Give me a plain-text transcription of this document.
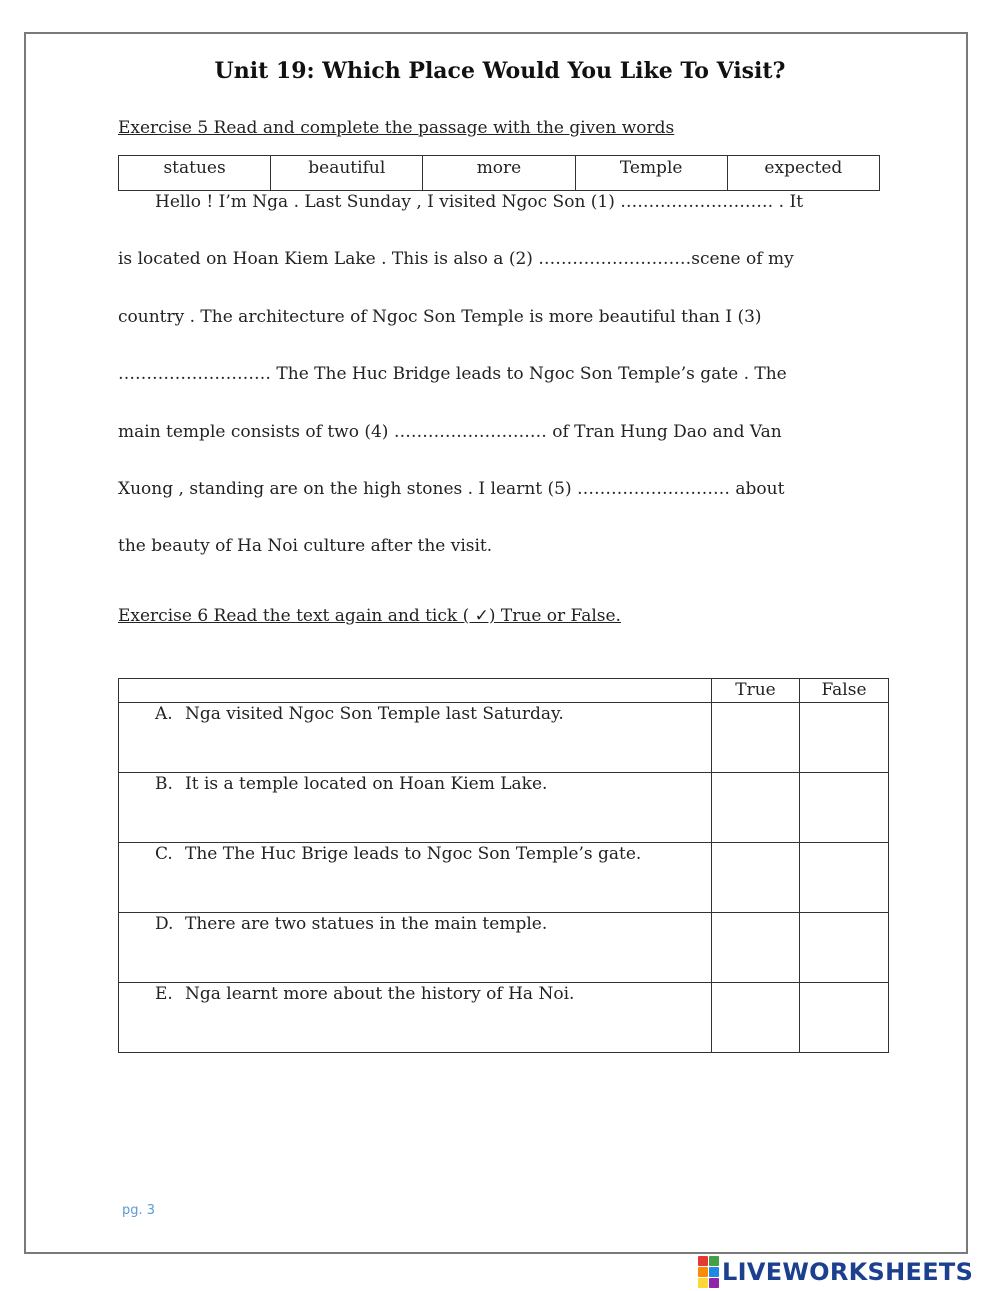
Unit 19: Which Place Would You Like To Visit?
Exercise 5 Read and complete the passage with the given words
statues	beautiful	more	Temple	expected
Hello ! I’m Nga . Last Sunday , I visited Ngoc Son (1) ……………………… . It
is located on Hoan Kiem Lake . This is also a (2) ………………………scene of my
country . The architecture of Ngoc Son Temple is more beautiful than I (3)
……………………… The The Huc Bridge leads to Ngoc Son Temple’s gate . The
main temple consists of two (4) ……………………… of Tran Hung Dao and Van
Xuong , standing are on the high stones . I learnt (5) ……………………… about
the beauty of Ha Noi culture after the visit.
Exercise 6 Read the text again and tick ( ✓) True or False.
	True	False
A. Nga visited Ngoc Son Temple last Saturday.		
B. It is a temple located on Hoan Kiem Lake.		
C. The The Huc Brige leads to Ngoc Son Temple’s gate.		
D. There are two statues in the main temple.		
E. Nga learnt more about the history of Ha Noi.		
pg. 3
LIVEWORKSHEETS
